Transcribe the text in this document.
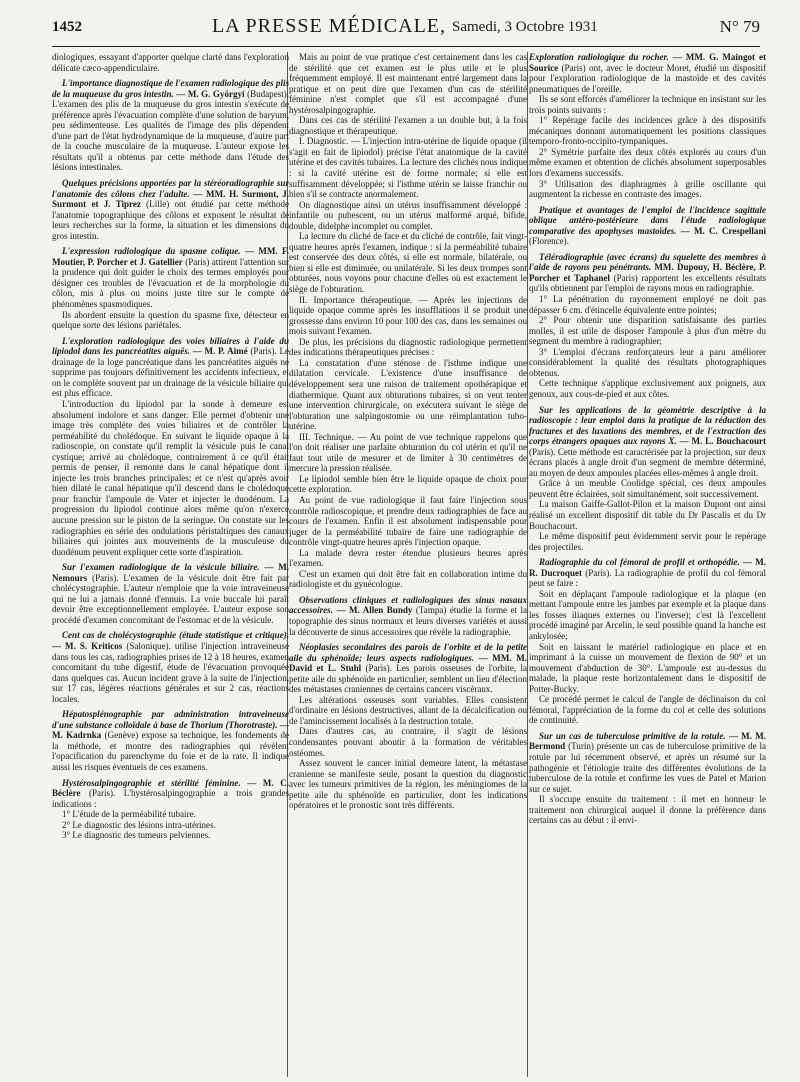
1452	LA PRESSE MÉDICALE, Samedi, 3 Octobre 1931	N° 79

diologiques, essayant d'apporter quelque clarté dans l'exploration délicate cæco-appendiculaire.

L'importance diagnostique de l'examen radiologique des plis de la muqueuse du gros intestin. — M. G. Györgyi (Budapest). L'examen des plis de la muqueuse du gros intestin s'exécute de préférence après l'évacuation complète d'une solution de baryum, peu sédimenteuse. Les qualités de l'image des plis dépendent d'une part de l'état hydrodynamique de la muqueuse, d'autre part de la couche musculaire de la muqueuse. L'auteur expose les résultats qu'il a obtenus par cette méthode dans l'étude des lésions intestinales.

Quelques précisions apportées par la stéréoradiographie sur l'anatomie des côlons chez l'adulte. — MM. H. Surmont, J. Surmont et J. Tiprez (Lille) ont étudié par cette méthode l'anatomie topographique des côlons et exposent le résultat de leurs recherches sur la forme, la situation et les dimensions du gros intestin.

L'expression radiologique du spasme colique. — MM. F. Moutier, P. Porcher et J. Gatellier (Paris) attirent l'attention sur la prudence qui doit guider le choix des termes employés pour désigner ces troubles de l'évacuation et de la morphologie du côlon, mis à plus ou moins juste titre sur le compte de phénomènes spasmodiques.

Ils abordent ensuite la question du spasme fixe, détecteur en quelque sorte des lésions pariétales.

L'exploration radiologique des voies biliaires à l'aide du lipiodol dans les pancréatites aiguës. — M. P. Aimé (Paris). Le drainage de la loge pancréatique dans les pancréatites aiguës ne supprime pas toujours définitivement les accidents infectieux, et on le complète souvent par un drainage de la vésicule biliaire qui est plus efficace.

L'introduction du lipiodol par la sonde à demeure est absolument indolore et sans danger. Elle permet d'obtenir une image très complète des voies biliaires et de contrôler la perméabilité du cholédoque. En suivant le liquide opaque à la radioscopie, on constate qu'il remplit la vésicule puis le canal cystique; arrivé au cholédoque, contrairement à ce qu'il était permis de penser, il remonte dans le canal hépatique dont il injecte les trois branches principales; et ce n'est qu'après avoir bien dilaté le canal hépatique qu'il descend dans le cholédoque pour franchir l'ampoule de Vater et injecter le duodénum. La progression du lipiodol continue alors même qu'on n'exerce aucune pression sur le piston de la seringue. On constate sur les radiographies en série des ondulations péristaltiques des canaux biliaires qui jointes aux mouvements de la musculeuse du duodénum peuvent expliquer cette sorte d'aspiration.

Sur l'examen radiologique de la vésicule biliaire. — M. Nemours (Paris). L'examen de la vésicule doit être fait par cholécystographie. L'auteur n'emploie que la voie intraveineuse qui ne lui a jamais donné d'ennuis. La voie buccale lui paraît devoir être exceptionnellement employée. L'auteur expose son procédé d'examen concomitant de l'estomac et de la vésicule.

Cent cas de cholécystographie (étude statistique et critique). — M. S. Kriticos (Salonique). utilise l'injection intraveineuse dans tous les cas, radiographies prises de 12 à 18 heures, examen concomitant du tube digestif, étude de l'évacuation provoquée dans quelques cas. Aucun incident grave à la suite de l'injection, sur 17 cas, légères réactions générales et sur 2 cas, réactions locales.

Hépatosplénographie par administration intraveineuse d'une substance colloïdale à base de Thorium (Thorotraste). — M. Kadrnka (Genève) expose sa technique, les fondements de la méthode, et montre des radiographies qui révèlent l'opacification du parenchyme du foie et de la rate. Il indique aussi les risques éventuels de ces examens.

Hystérosalpingographie et stérilité féminine. — M. C. Béclère (Paris). L'hystérosalpingographie a trois grandes indications :

1° L'étude de la perméabilité tubaire.

2° Le diagnostic des lésions intra-utérines.

3° Le diagnostic des tumeurs pelviennes.

Mais au point de vue pratique c'est certainement dans les cas de stérilité que cet examen est le plus utile et le plus fréquemment employé. Il est maintenant entré largement dans la pratique et on peut dire que l'examen d'un cas de stérilité féminine n'est complet que s'il est accompagné d'une hystérosalpingographie.

Dans ces cas de stérilité l'examen a un double but, à la fois diagnostique et thérapeutique.

I. Diagnostic. — L'injection intra-utérine de liquide opaque (il s'agit en fait de lipiodol) précise l'état anatomique de la cavité utérine et des cavités tubaires. La lecture des clichés nous indique : si la cavité utérine est de forme normale; si elle est suffisamment développée; si l'isthme utérin se laisse franchir ou bien s'il se contracte anormalement.

On diagnostique ainsi un utérus insuffisamment développé : infantile ou pubescent, ou un utérus malformé arqué, bifide, double, didelphe incomplet ou complet.

La lecture du cliché de face et du cliché de contrôle, fait vingt-quatre heures après l'examen, indique : si la perméabilité tubaire est conservée des deux côtés, si elle est normale, bilatérale, ou bien si elle est diminuée, ou unilatérale. Si les deux trompes sont obturées, nous voyons pour chacune d'elles où est exactement le siège de l'obturation.

II. Importance thérapeutique. — Après les injections de liquide opaque comme après les insufflations il se produit une grossesse dans environ 10 pour 100 des cas, dans les semaines ou mois suivant l'examen.

De plus, les précisions du diagnostic radiologique permettent des indications thérapeutiques précises :

La constatation d'une sténose de l'isthme indique une dilatation cervicale. L'existence d'une insuffisance de développement sera une raison de traitement opothérapique et diathermique. Quant aux obturations tubaires, si on veut tenter une intervention chirurgicale, on exécutera suivant le siège de l'obturation une salpingostomie ou une réimplantation tubo-utérine.

III. Technique. — Au point de vue technique rappelons que l'on doit réaliser une parfaite obturation du col utérin et qu'il ne faut tout utile de mesurer et de limiter à 30 centimètres de mercure la pression réalisée.

Le lipiodol semble bien être le liquide opaque de choix pour cette exploration.

Au point de vue radiologique il faut faire l'injection sous contrôle radioscopique, et prendre deux radiographies de face au cours de l'examen. Enfin il est absolument indispensable pour juger de la perméabilité tubaire de faire une radiographie de contrôle vingt-quatre heures après l'injection opaque.

La malade devra rester étendue plusieurs heures après l'examen.

C'est un examen qui doit être fait en collaboration intime du radiologiste et du gynécologue.

Observations cliniques et radiologiques des sinus nasaux accessoires. — M. Allen Bundy (Tampa) étudie la forme et la topographie des sinus normaux et leurs diverses variétés et aussi la découverte de sinus accessoires que révèle la radiographie.

Néoplasies secondaires des parois de l'orbite et de la petite aile du sphénoïde; leurs aspects radiologiques. — MM. M. David et L. Stuhl (Paris). Les parois osseuses de l'orbite, la petite aile du sphénoïde en particulier, semblent un lieu d'élection des métastases craniennes de certains cancers viscéraux.

Les altérations osseuses sont variables. Elles consistent d'ordinaire en lésions destructives, allant de la décalcification ou de l'amincissement localisés à la destruction totale.

Dans d'autres cas, au contraire, il s'agit de lésions condensantes pouvant aboutir à la formation de véritables ostéomes.

Assez souvent le cancer initial demeure latent, la métastase cranienne se manifeste seule, posant la question du diagnostic avec les tumeurs primitives de la région, les méningiomes de la petite aile du sphénoïde en particulier, dont les indications opératoires et le pronostic sont très différents.

Exploration radiologique du rocher. — MM. G. Maingot et Sourice (Paris) ont, avec le docteur Moret, étudié un dispositif pour l'exploration radiologique de la mastoïde et des cavités pneumatiques de l'oreille.

Ils se sont efforcés d'améliorer la technique en insistant sur les trois points suivants :

1° Repérage facile des incidences grâce à des dispositifs mécaniques donnant automatiquement les positions classiques temporo-fronto-occipito-tympaniques.

2° Symétrie parfaite des deux côtés explorés au cours d'un même examen et obtention de clichés absolument superposables lors d'examens successifs.

3° Utilisation des diaphragmes à grille oscillante qui augmentent la richesse en contraste des images.

Pratique et avantages de l'emploi de l'incidence sagittale oblique antéro-postérieure dans l'étude radiologique comparative des apophyses mastoïdes. — M. C. Crespellani (Florence).

Téléradiographie (avec écrans) du squelette des membres à l'aide de rayons peu pénétrants. MM. Dupouy, H. Béclère, P. Porcher et Taphanel (Paris) rapportent les excellents résultats qu'ils obtiennent par l'emploi de rayons mous en radiographie.

1° La pénétration du rayonnement employé ne doit pas dépasser 6 cm. d'étincelle équivalente entre pointes;

2° Pour obtenir une disparition satisfaisante des parties molles, il est utile de disposer l'ampoule à plus d'un mètre du segment du membre à radiographier;

3° L'emploi d'écrans renforçateurs leur a paru améliorer considérablement la qualité des résultats photographiques obtenus.

Cette technique s'applique exclusivement aux poignets, aux genoux, aux cous-de-pied et aux côtes.

Sur les applications de la géométrie descriptive à la radioscopie : leur emploi dans la pratique de la réduction des fractures et des luxations des membres, et de l'extraction des corps étrangers opaques aux rayons X. — M. L. Bouchacourt (Paris). Cette méthode est caractérisée par la projection, sur deux écrans placés à angle droit d'un segment de membre déterminé, au moyen de deux ampoules placées elles-mêmes à angle droit.

Grâce à un meuble Coolidge spécial, ces deux ampoules peuvent être éclairées, soit simultanément, soit successivement.

La maison Gaiffe-Gallot-Pilon et la maison Dupont ont ainsi réalisé un excellent dispositif dit table du Dr Pascalis et du Dr Bouchacourt.

Le même dispositif peut évidemment servir pour le repérage des projectiles.

Radiographie du col fémoral de profil et orthopédie. — M. R. Ducroquet (Paris). La radiographie de profil du col fémoral peut se faire :

Soit en déplaçant l'ampoule radiologique et la plaque (en mettant l'ampoule entre les jambes par exemple et la plaque dans les fosses iliaques externes ou l'inverse); c'est là l'excellent procédé imaginé par Arcelin, le seul possible quand la hanche est ankylosée;

Soit en laissant le matériel radiologique en place et en imprimant à la cuisse un mouvement de flexion de 90° et un mouvement d'abduction de 30°. L'ampoule est au-dessus du malade, la plaque reste horizontalement dans le dispositif de Potter-Bucky.

Ce procédé permet le calcul de l'angle de déclinaison du col fémoral, l'appréciation de la forme du col et celle des solutions de continuité.

Sur un cas de tuberculose primitive de la rotule. — M. M. Bermond (Turin) présente un cas de tuberculose primitive de la rotule par lui récemment observé, et après un résumé sur la pathogénie et l'étiologie traite des différentes évolutions de la tuberculose de la rotule et confirme les vues de Patel et Marion sur ce sujet.

Il s'occupe ensuite du traitement : il met en honneur le traitement non chirurgical auquel il donne la préférence dans certains cas au début : il envi-
